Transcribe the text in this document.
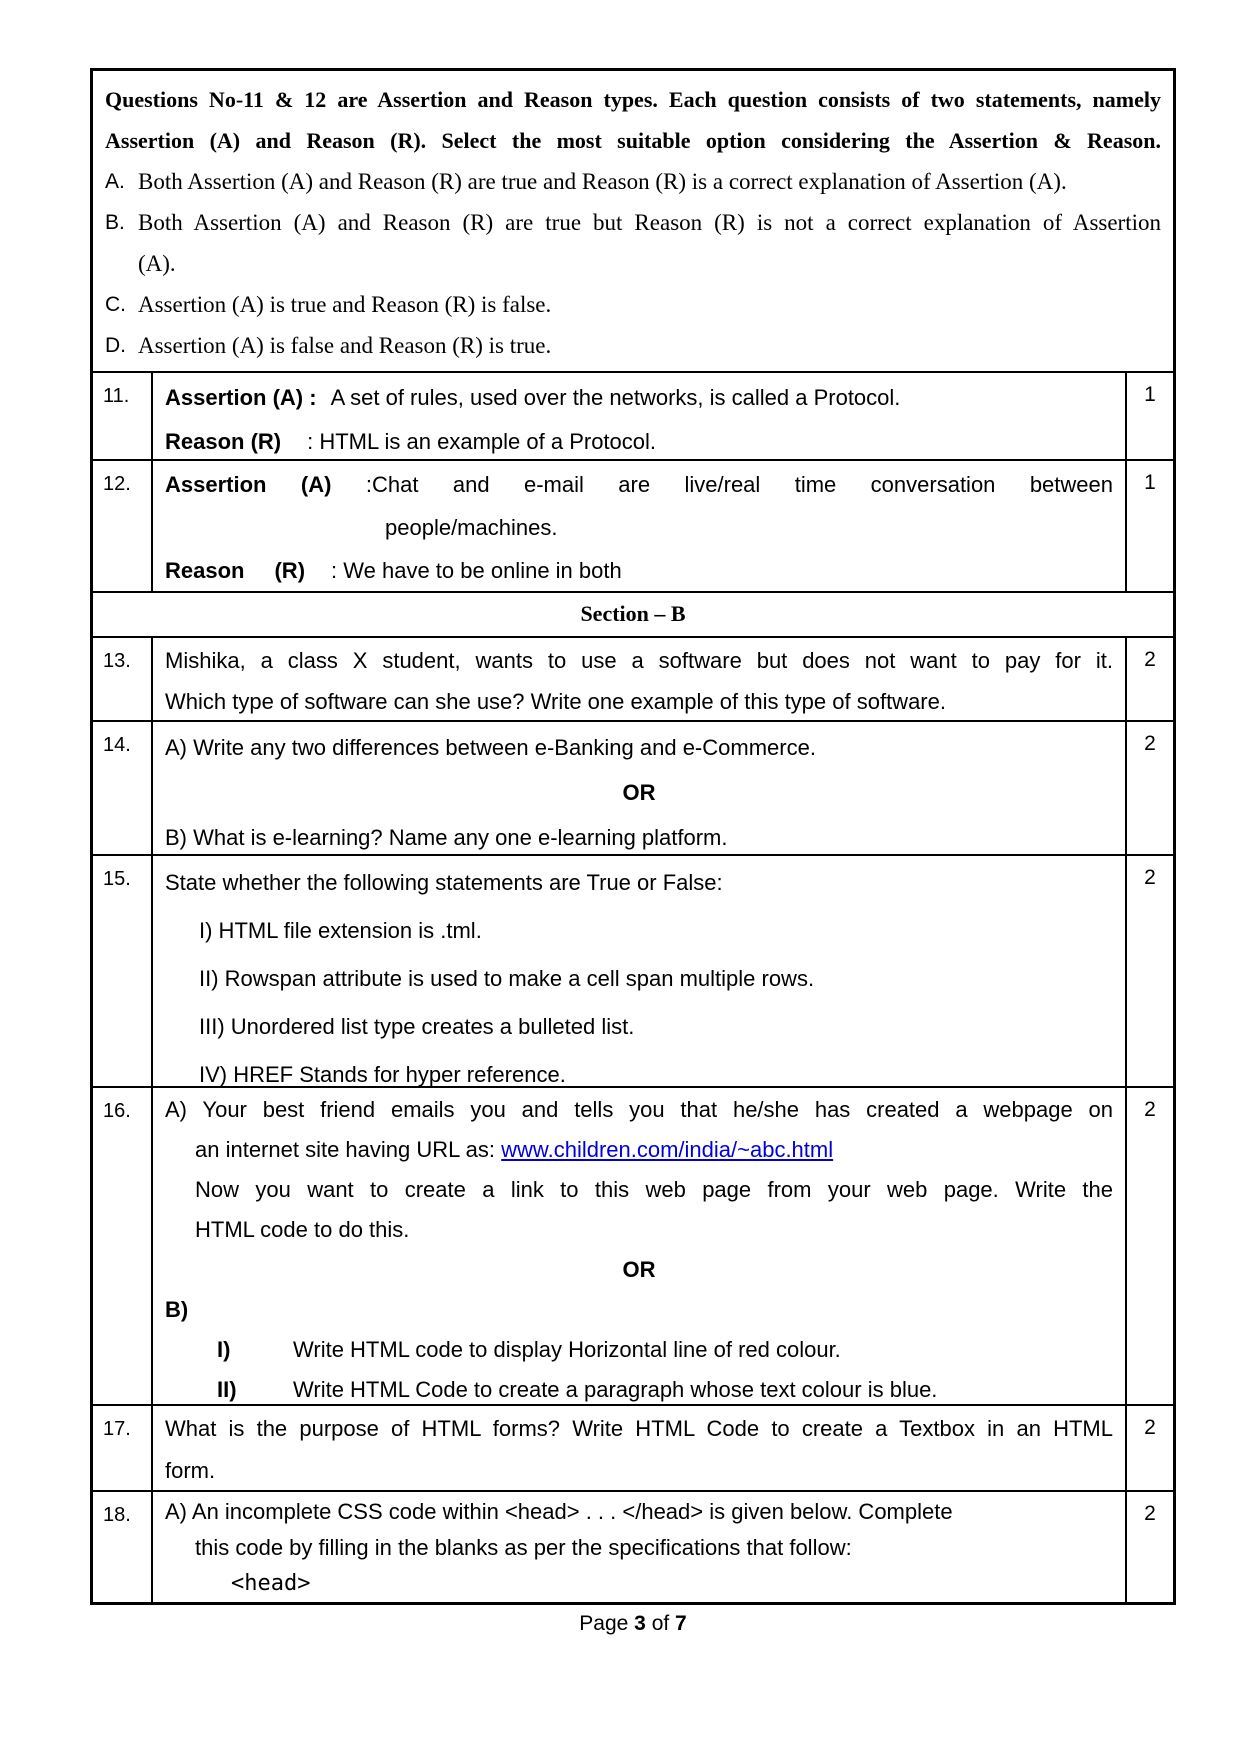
Questions No-11 & 12 are Assertion and Reason types. Each question consists of two statements, namely
Assertion (A) and Reason (R). Select the most suitable option considering the Assertion & Reason.
A. Both Assertion (A) and Reason (R) are true and Reason (R) is a correct explanation of Assertion (A).
B. Both Assertion (A) and Reason (R) are true but Reason (R) is not a correct explanation of Assertion
(A).
C. Assertion (A) is true and Reason (R) is false.
D. Assertion (A) is false and Reason (R) is true.
11.	Assertion (A) : A set of rules, used over the networks, is called a Protocol.
Reason (R) : HTML is an example of a Protocol.
1
12.	Assertion (A) :Chat and e-mail are live/real time conversation between
people/machines.
Reason (R) : We have to be online in both
1
Section – B
13.	Mishika, a class X student, wants to use a software but does not want to pay for it.
Which type of software can she use? Write one example of this type of software.
2
14.	A) Write any two differences between e-Banking and e-Commerce.
OR
B) What is e-learning? Name any one e-learning platform.
2
15.	State whether the following statements are True or False:
I) HTML file extension is .tml.
II) Rowspan attribute is used to make a cell span multiple rows.
III) Unordered list type creates a bulleted list.
IV) HREF Stands for hyper reference.
2
16.	A) Your best friend emails you and tells you that he/she has created a webpage on
an internet site having URL as: www.children.com/india/~abc.html
Now you want to create a link to this web page from your web page. Write the
HTML code to do this.
OR
B)
I)	Write HTML code to display Horizontal line of red colour.
II)	Write HTML Code to create a paragraph whose text colour is blue.
2
17.	What is the purpose of HTML forms? Write HTML Code to create a Textbox in an HTML
form.
2
18.	A) An incomplete CSS code within <head> . . . </head> is given below. Complete
this code by filling in the blanks as per the specifications that follow:
<head>
2
Page 3 of 7
